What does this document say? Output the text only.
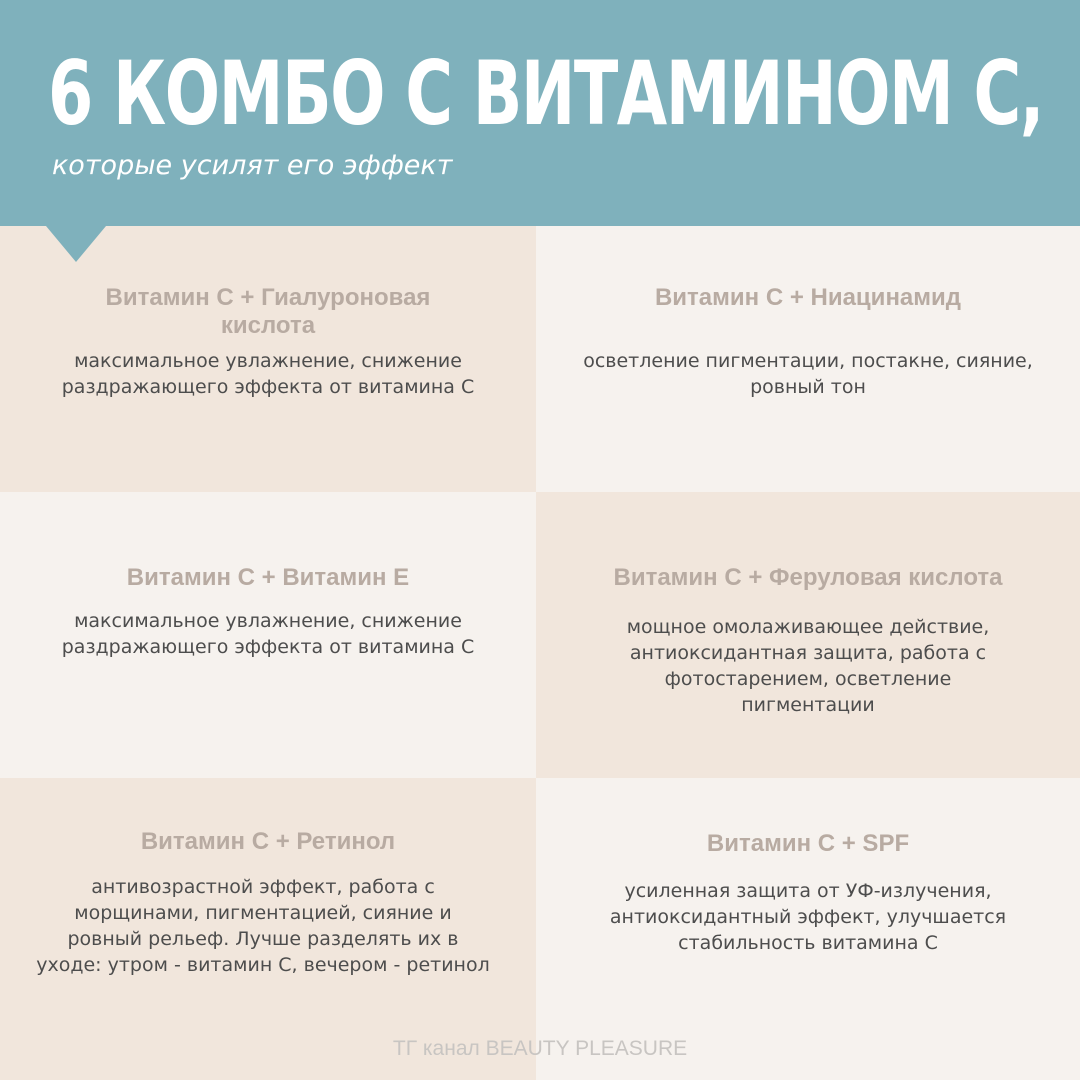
6 КОМБО С ВИТАМИНОМ С,

которые усилят его эффект

Витамин С + Гиалуроновая кислота

максимальное увлажнение, снижение раздражающего эффекта от витамина С

Витамин С + Ниацинамид

осветление пигментации, постакне, сияние, ровный тон

Витамин С + Витамин Е

максимальное увлажнение, снижение раздражающего эффекта от витамина С

Витамин С + Феруловая кислота

мощное омолаживающее действие, антиоксидантная защита, работа с фотостарением, осветление пигментации

Витамин С + Ретинол

антивозрастной эффект, работа с морщинами, пигментацией, сияние и ровный рельеф. Лучше разделять их в уходе: утром - витамин С, вечером - ретинол

Витамин С + SPF

усиленная защита от УФ-излучения, антиоксидантный эффект, улучшается стабильность витамина С

ТГ канал BEAUTY PLEASURE
